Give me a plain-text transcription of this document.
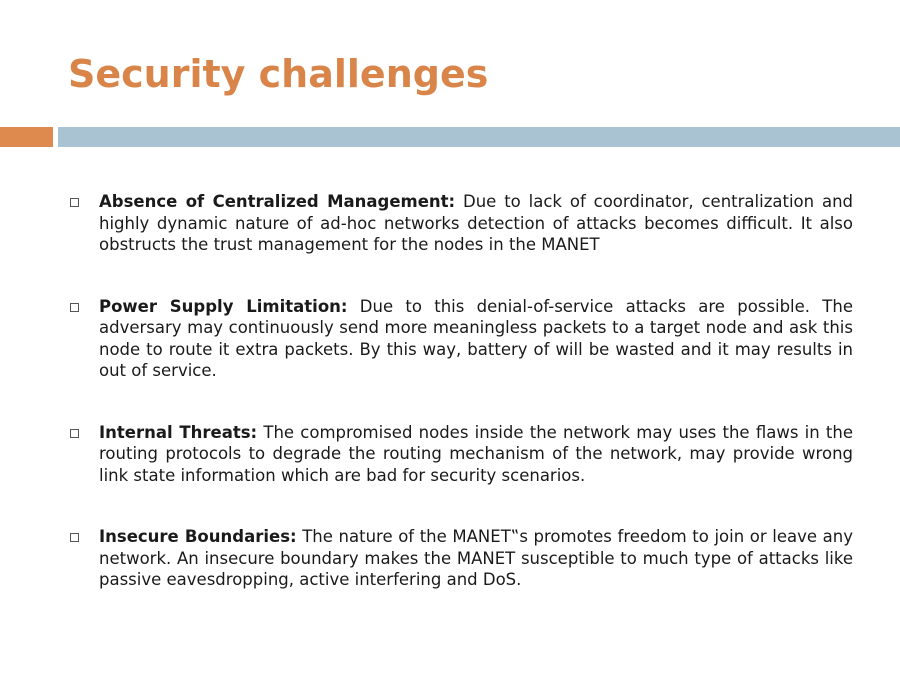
Security challenges

Absence of Centralized Management: Due to lack of coordinator, centralization and highly dynamic nature of ad-hoc networks detection of attacks becomes difficult. It also obstructs the trust management for the nodes in the MANET

Power Supply Limitation: Due to this denial-of-service attacks are possible. The adversary may continuously send more meaningless packets to a target node and ask this node to route it extra packets. By this way, battery of will be wasted and it may results in out of service.

Internal Threats: The compromised nodes inside the network may uses the flaws in the routing protocols to degrade the routing mechanism of the network, may provide wrong link state information which are bad for security scenarios.

Insecure Boundaries: The nature of the MANET‟s promotes freedom to join or leave any network. An insecure boundary makes the MANET susceptible to much type of attacks like passive eavesdropping, active interfering and DoS.
